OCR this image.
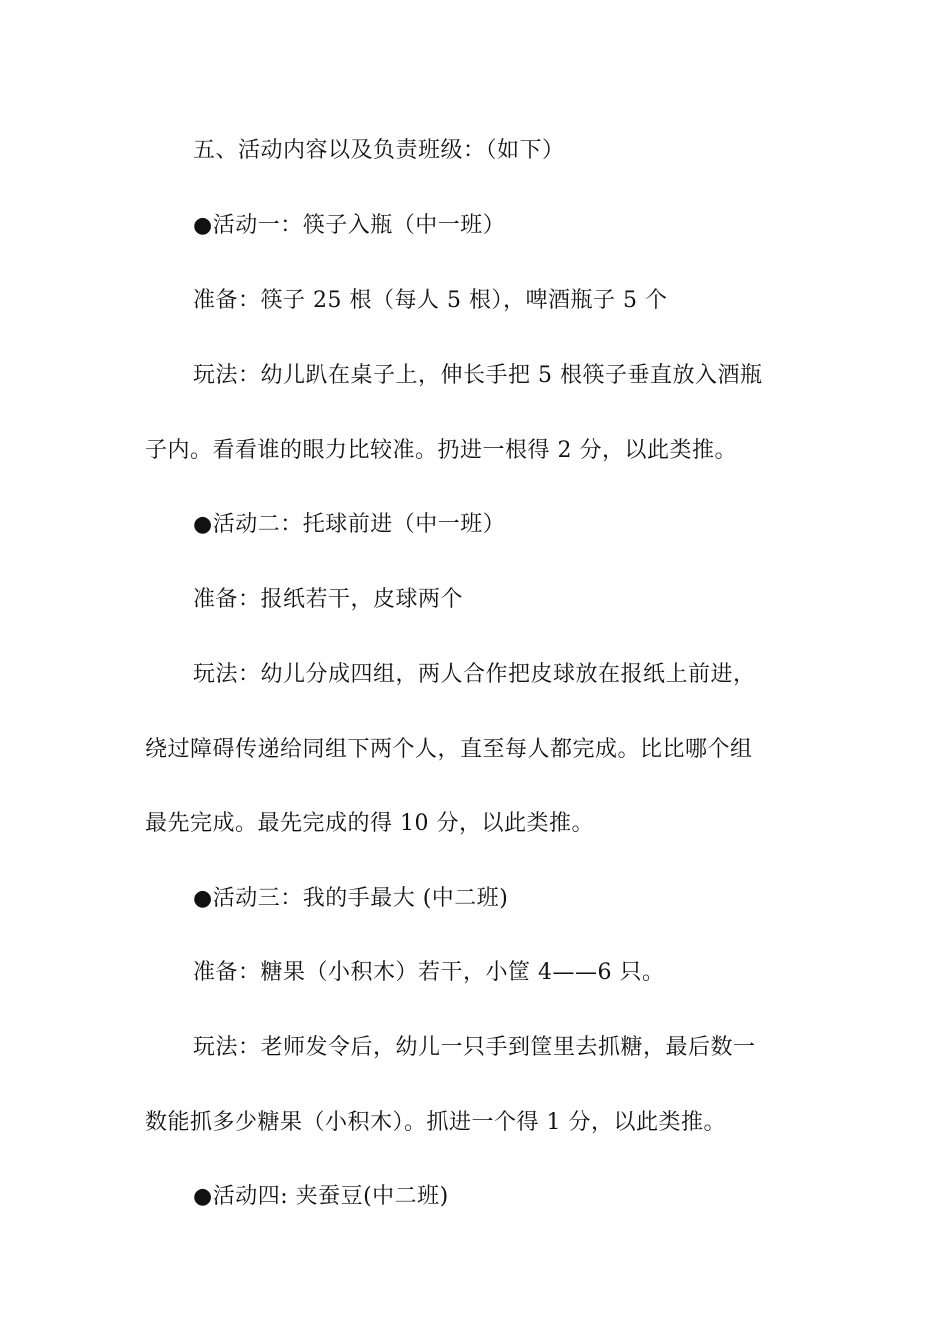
五、活动内容以及负责班级：（如下）
●活动一：筷子入瓶（中一班）
准备：筷子 25 根（每人 5 根），啤酒瓶子 5 个
玩法：幼儿趴在桌子上，伸长手把 5 根筷子垂直放入酒瓶
子内。看看谁的眼力比较准。扔进一根得 2 分，以此类推。
●活动二：托球前进（中一班）
准备：报纸若干，皮球两个
玩法：幼儿分成四组，两人合作把皮球放在报纸上前进，
绕过障碍传递给同组下两个人，直至每人都完成。比比哪个组
最先完成。最先完成的得 10 分，以此类推。
●活动三：我的手最大 (中二班)
准备：糖果（小积木）若干，小筐 4——6 只。
玩法：老师发令后，幼儿一只手到筐里去抓糖，最后数一
数能抓多少糖果（小积木）。抓进一个得 1 分，以此类推。
●活动四: 夹蚕豆(中二班)
